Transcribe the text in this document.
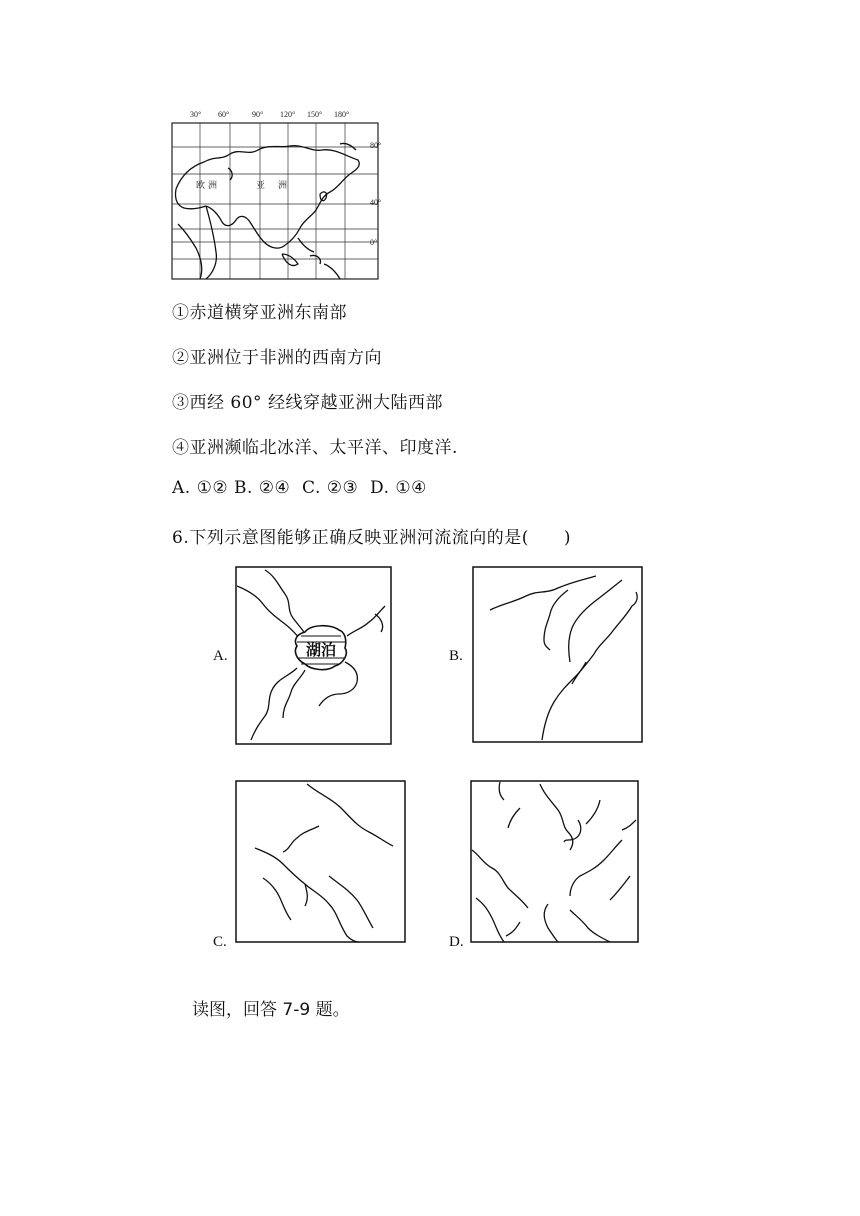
30° 60°	90° 120° 150° 180°
80°
40°
0°
欧 洲	亚 洲
①赤道横穿亚洲东南部
②亚洲位于非洲的西南方向
③西经 60° 经线穿越亚洲大陆西部
④亚洲濒临北冰洋、太平洋、印度洋.
A. ①② B. ②④  C. ②③  D. ①④
6.下列示意图能够正确反映亚洲河流流向的是(　　)
A.	湖泊	B.
C.	D.
读图，回答 7-9 题。
